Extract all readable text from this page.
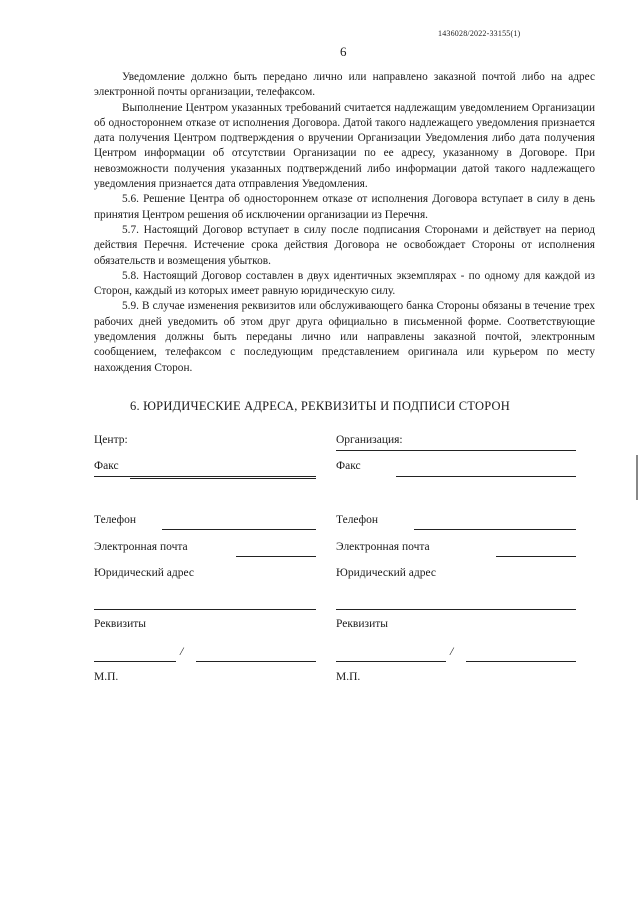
1436028/2022-33155(1)
6

Уведомление должно быть передано лично или направлено заказной почтой либо на адрес электронной почты организации, телефаксом.

Выполнение Центром указанных требований считается надлежащим уведомлением Организации об одностороннем отказе от исполнения Договора. Датой такого надлежащего уведомления признается дата получения Центром подтверждения о вручении Организации Уведомления либо дата получения Центром информации об отсутствии Организации по ее адресу, указанному в Договоре. При невозможности получения указанных подтверждений либо информации датой такого надлежащего уведомления признается дата отправления Уведомления.

5.6. Решение Центра об одностороннем отказе от исполнения Договора вступает в силу в день принятия Центром решения об исключении организации из Перечня.

5.7. Настоящий Договор вступает в силу после подписания Сторонами и действует на период действия Перечня. Истечение срока действия Договора не освобождает Стороны от исполнения обязательств и возмещения убытков.

5.8. Настоящий Договор составлен в двух идентичных экземплярах - по одному для каждой из Сторон, каждый из которых имеет равную юридическую силу.

5.9. В случае изменения реквизитов или обслуживающего банка Стороны обязаны в течение трех рабочих дней уведомить об этом друг друга официально в письменной форме. Соответствующие уведомления должны быть переданы лично или направлены заказной почтой, электронным сообщением, телефаксом с последующим представлением оригинала или курьером по месту нахождения Сторон.

6. ЮРИДИЧЕСКИЕ АДРЕСА, РЕКВИЗИТЫ И ПОДПИСИ СТОРОН
Центр:
Факс
Телефон
Электронная почта
Юридический адрес
Реквизиты
/
М.П.
Организация:
Факс
Телефон
Электронная почта
Юридический адрес
Реквизиты
/
М.П.
